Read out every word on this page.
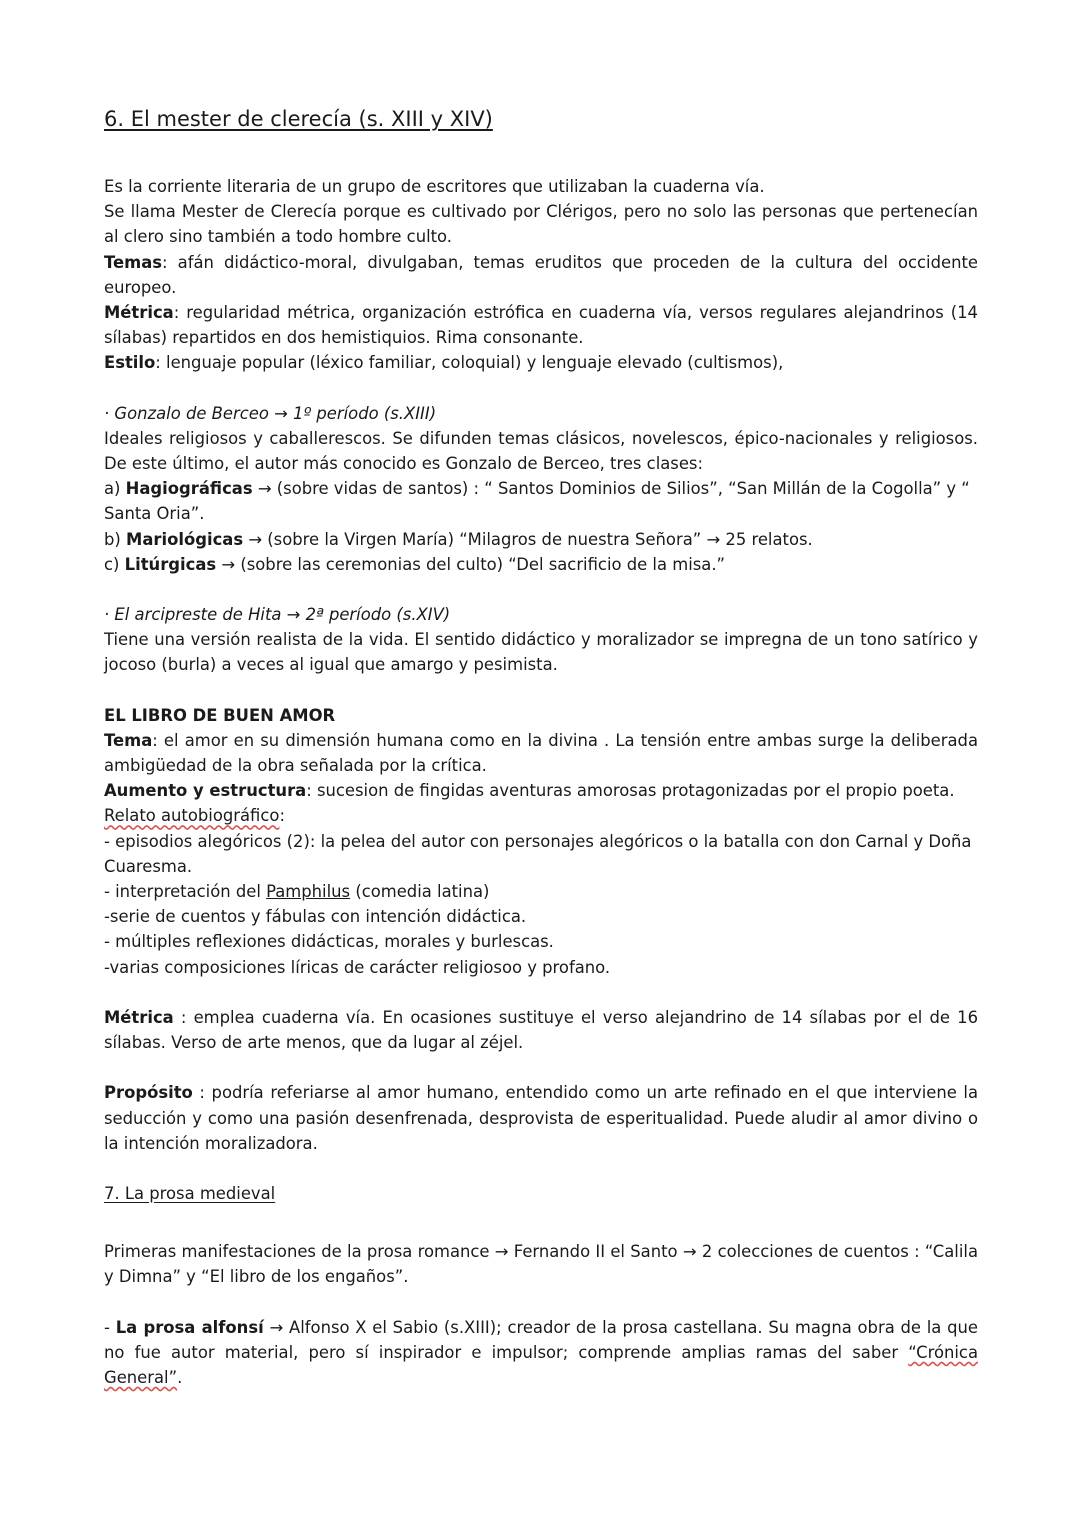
6. El mester de clerecía (s. XIII y XIV)

Es la corriente literaria de un grupo de escritores que utilizaban la cuaderna vía.

Se llama Mester de Clerecía porque es cultivado por Clérigos, pero no solo las personas que pertenecían al clero sino también a todo hombre culto.

Temas: afán didáctico-moral, divulgaban, temas eruditos que proceden de la cultura del occidente europeo.

Métrica: regularidad métrica, organización estrófica en cuaderna vía, versos regulares alejandrinos (14 sílabas) repartidos en dos hemistiquios. Rima consonante.

Estilo: lenguaje popular (léxico familiar, coloquial) y lenguaje elevado (cultismos),

· Gonzalo de Berceo → 1º período (s.XIII)

Ideales religiosos y caballerescos. Se difunden temas clásicos, novelescos, épico-nacionales y religiosos. De este último, el autor más conocido es Gonzalo de Berceo, tres clases:

a) Hagiográficas → (sobre vidas de santos) : “ Santos Dominios de Silios”, “San Millán de la Cogolla” y “ Santa Oria”.

b) Mariológicas → (sobre la Virgen María) “Milagros de nuestra Señora” → 25 relatos.

c) Litúrgicas → (sobre las ceremonias del culto) “Del sacrificio de la misa.”

· El arcipreste de Hita → 2ª período (s.XIV)

Tiene una versión realista de la vida. El sentido didáctico y moralizador se impregna de un tono satírico y jocoso (burla) a veces al igual que amargo y pesimista.

EL LIBRO DE BUEN AMOR

Tema: el amor en su dimensión humana como en la divina . La tensión entre ambas surge la deliberada ambigüedad de la obra señalada por la crítica.

Aumento y estructura: sucesion de fingidas aventuras amorosas protagonizadas por el propio poeta.

Relato autobiográfico:

- episodios alegóricos (2): la pelea del autor con personajes alegóricos o la batalla con don Carnal y Doña Cuaresma.

- interpretación del Pamphilus (comedia latina)

-serie de cuentos y fábulas con intención didáctica.

- múltiples reflexiones didácticas, morales y burlescas.

-varias composiciones líricas de carácter religiosoo y profano.

Métrica : emplea cuaderna vía. En ocasiones sustituye el verso alejandrino de 14 sílabas por el de 16 sílabas. Verso de arte menos, que da lugar al zéjel.

Propósito : podría referiarse al amor humano, entendido como un arte refinado en el que interviene la seducción y como una pasión desenfrenada, desprovista de esperitualidad. Puede aludir al amor divino o la intención moralizadora.

7. La prosa medieval

Primeras manifestaciones de la prosa romance → Fernando II el Santo → 2 colecciones de cuentos : “Calila y Dimna” y “El libro de los engaños”.

- La prosa alfonsí → Alfonso X el Sabio (s.XIII); creador de la prosa castellana. Su magna obra de la que no fue autor material, pero sí inspirador e impulsor; comprende amplias ramas del saber “Crónica General”.
